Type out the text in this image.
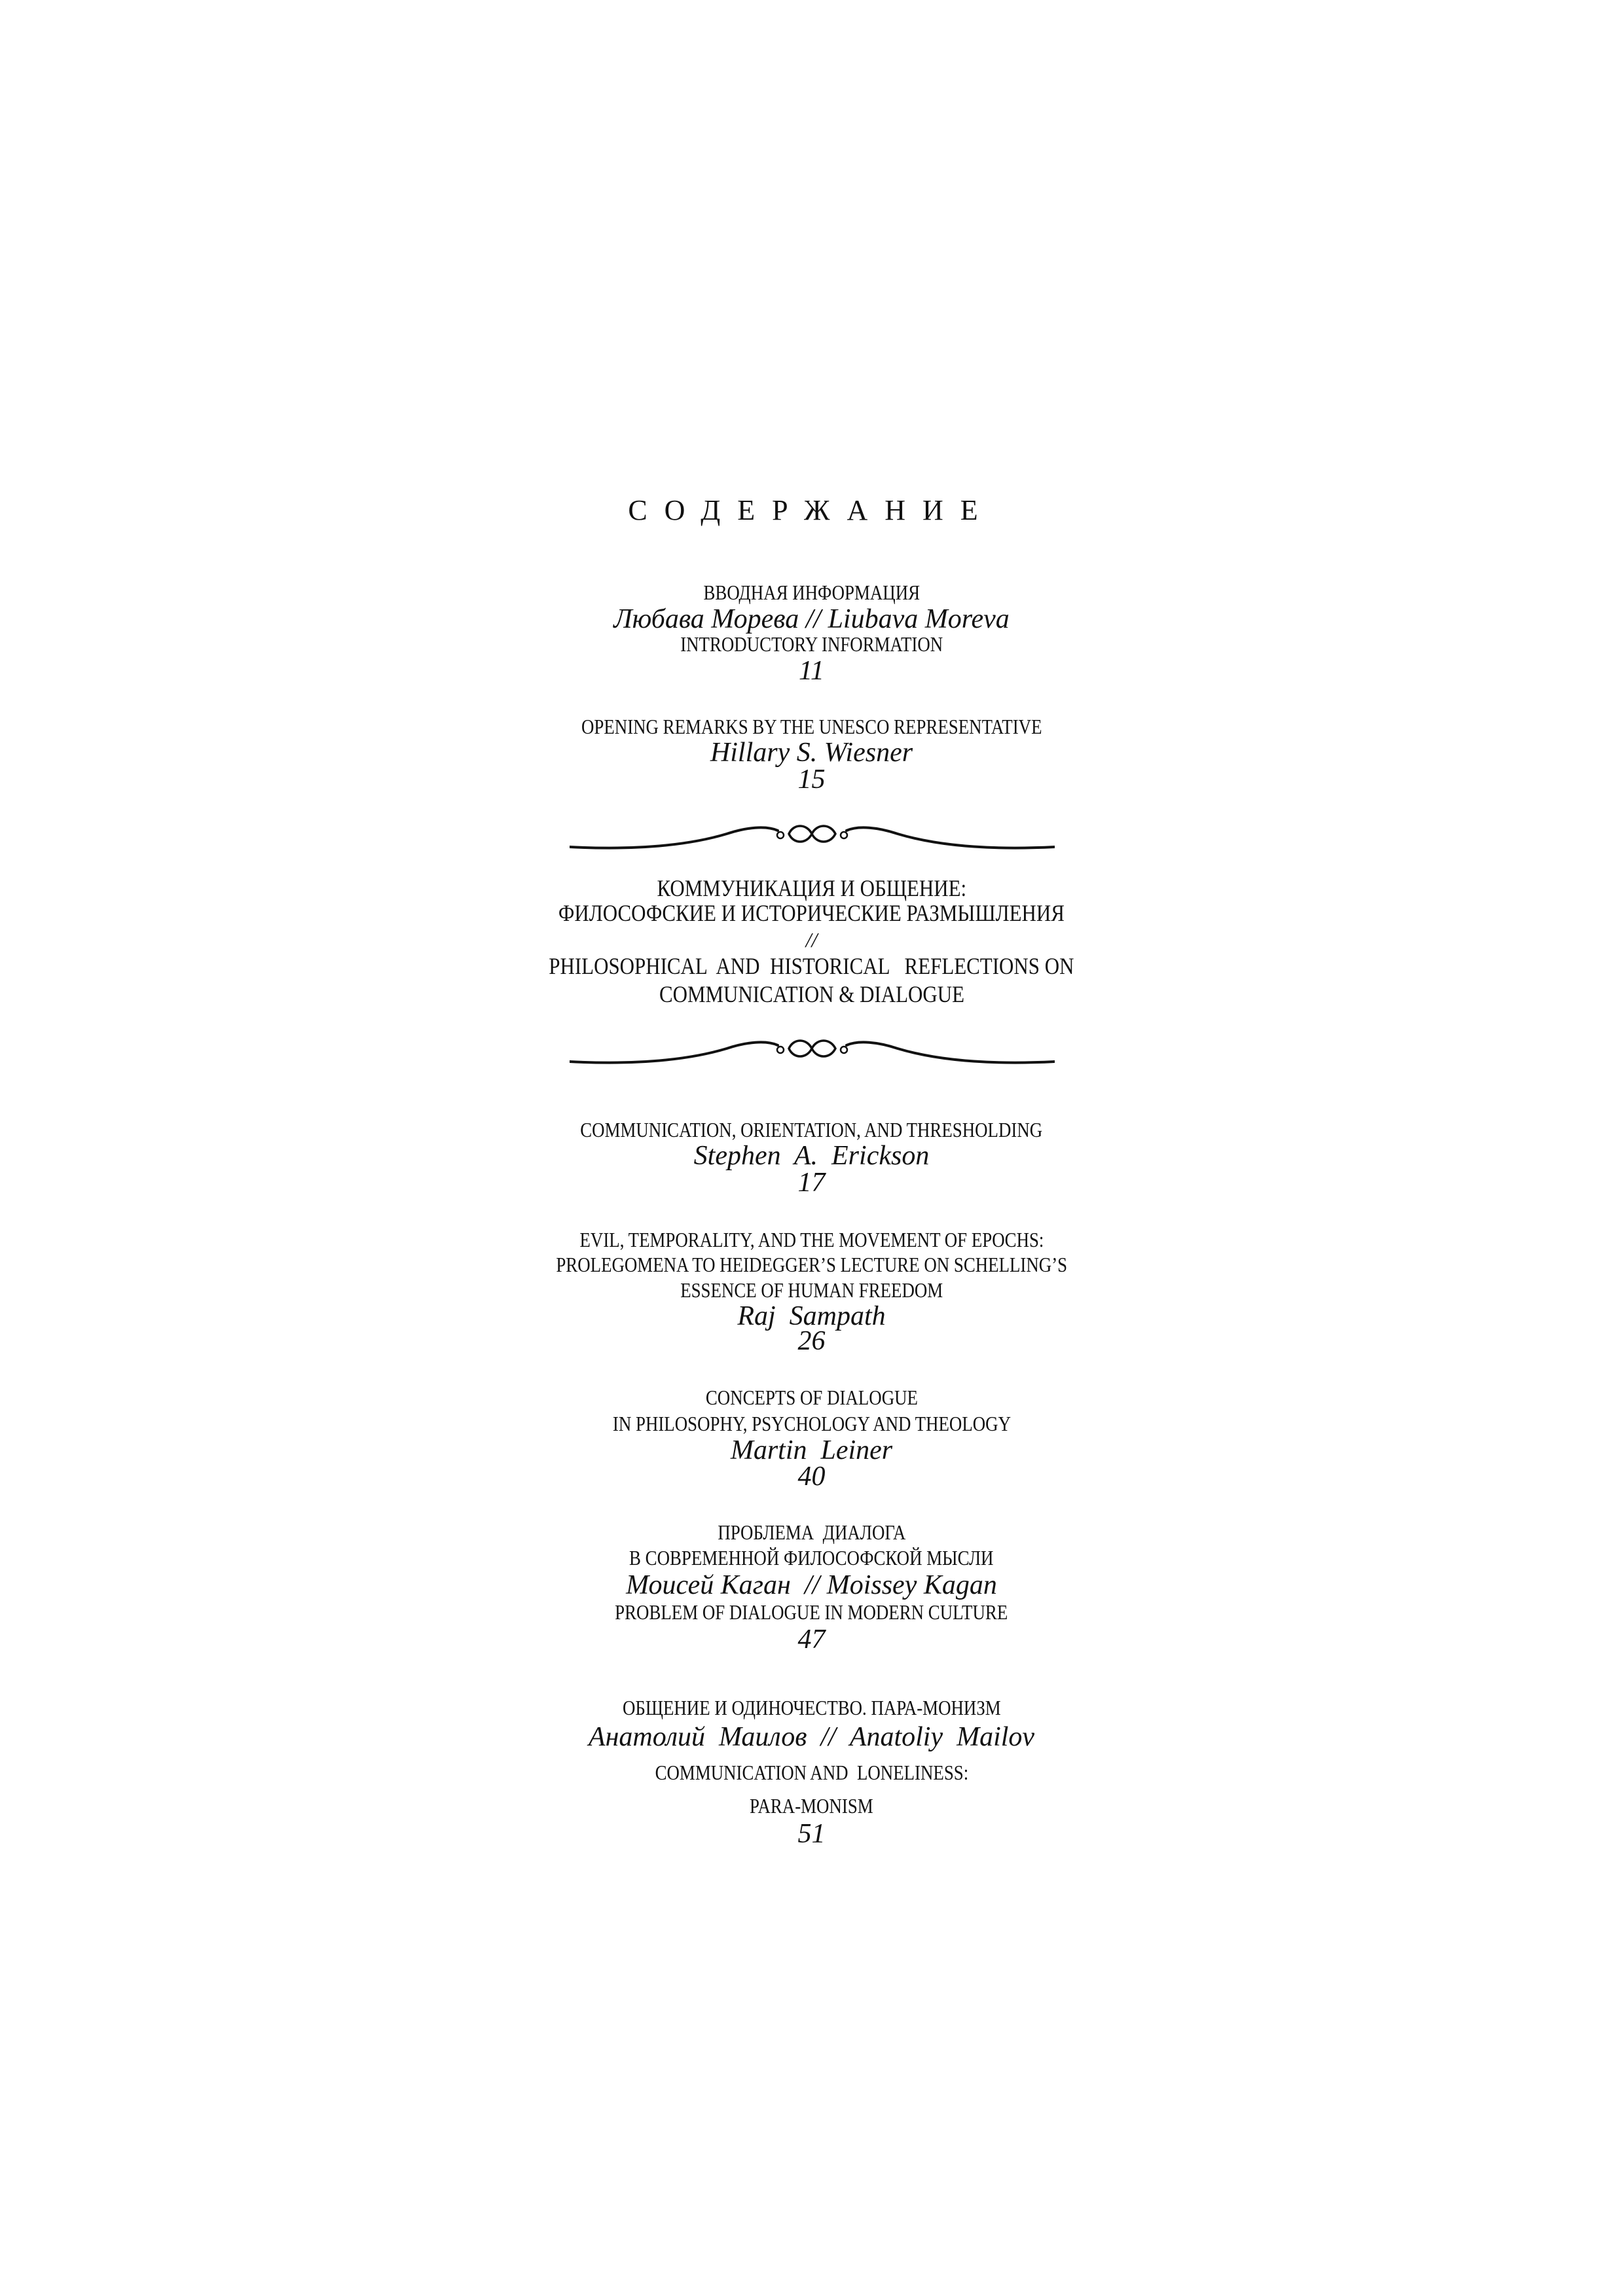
СОДЕРЖАНИЕ
ВВОДНАЯ ИНФОРМАЦИЯ
Любава Морева // Liubava Moreva
INTRODUCTORY INFORMATION
11
OPENING REMARKS BY THE UNESCO REPRESENTATIVE
Hillary S. Wiesner
15
КОММУНИКАЦИЯ И ОБЩЕНИЕ:
ФИЛОСОФСКИЕ И ИСТОРИЧЕСКИЕ РАЗМЫШЛЕНИЯ
//
PHILOSOPHICAL  AND  HISTORICAL   REFLECTIONS ON
COMMUNICATION & DIALOGUE
COMMUNICATION, ORIENTATION, AND THRESHOLDING
Stephen  A.  Erickson
17
EVIL, TEMPORALITY, AND THE MOVEMENT OF EPOCHS:
PROLEGOMENA TO HEIDEGGER’S LECTURE ON SCHELLING’S
ESSENCE OF HUMAN FREEDOM
Raj  Sampath
26
CONCEPTS OF DIALOGUE
IN PHILOSOPHY, PSYCHOLOGY AND THEOLOGY
Martin  Leiner
40
ПРОБЛЕМА  ДИАЛОГА
В СОВРЕМЕННОЙ ФИЛОСОФСКОЙ МЫСЛИ
Моисей Каган  // Moissey Kagan
PROBLEM OF DIALOGUE IN MODERN CULTURE
47
ОБЩЕНИЕ И ОДИНОЧЕСТВО. ПАРА-МОНИЗМ
Анатолий  Маилов  //  Anatoliy  Mailov
COMMUNICATION AND  LONELINESS:
PARA-MONISM
51
